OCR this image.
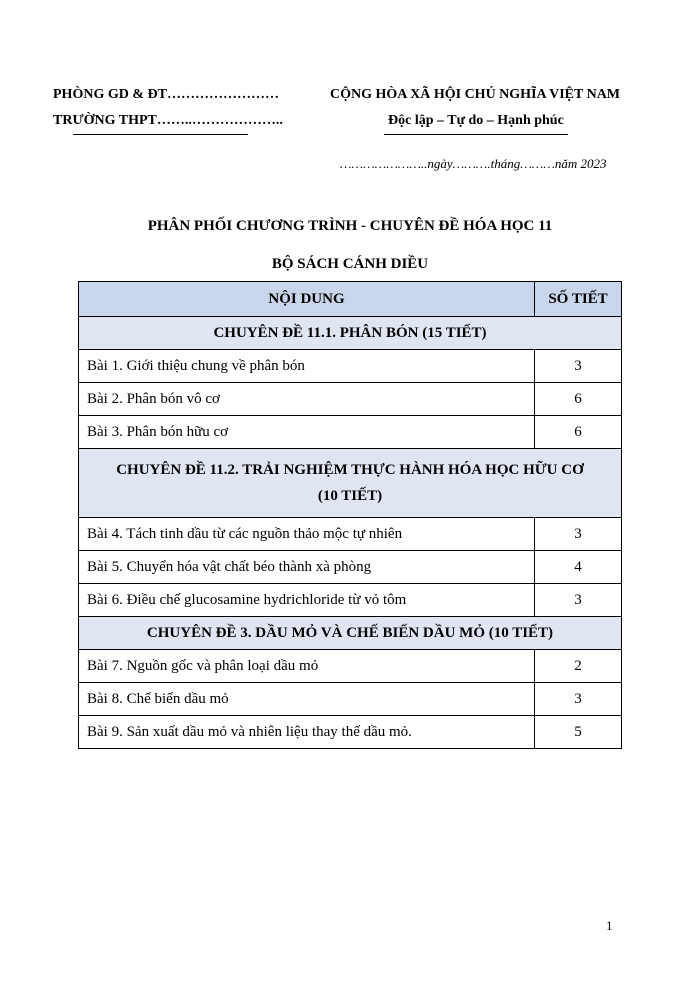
PHÒNG GD & ĐT……………………
TRƯỜNG THPT……..………………..
CỘNG HÒA XÃ HỘI CHỦ NGHĨA VIỆT NAM
Độc lập – Tự do – Hạnh phúc
…………………..ngày……….tháng………năm 2023
PHÂN PHỐI CHƯƠNG TRÌNH - CHUYÊN ĐỀ HÓA HỌC 11
BỘ SÁCH CÁNH DIỀU
NỘI DUNG	SỐ TIẾT
CHUYÊN ĐỀ 11.1. PHÂN BÓN (15 TIẾT)	
Bài 1. Giới thiệu chung về phân bón	3
Bài 2. Phân bón vô cơ	6
Bài 3. Phân bón hữu cơ	6
CHUYÊN ĐỀ 11.2. TRẢI NGHIỆM THỰC HÀNH HÓA HỌC HỮU CƠ (10 TIẾT)	
Bài 4. Tách tinh dầu từ các nguồn thảo mộc tự nhiên	3
Bài 5. Chuyển hóa vật chất béo thành xà phòng	4
Bài 6. Điều chế glucosamine hydrichloride từ vỏ tôm	3
CHUYÊN ĐỀ 3. DẦU MỎ VÀ CHẾ BIẾN DẦU MỎ (10 TIẾT)	
Bài 7. Nguồn gốc và phân loại dầu mỏ	2
Bài 8. Chế biến dầu mỏ	3
Bài 9. Sản xuất dầu mỏ và nhiên liệu thay thế dầu mỏ.	5
1
